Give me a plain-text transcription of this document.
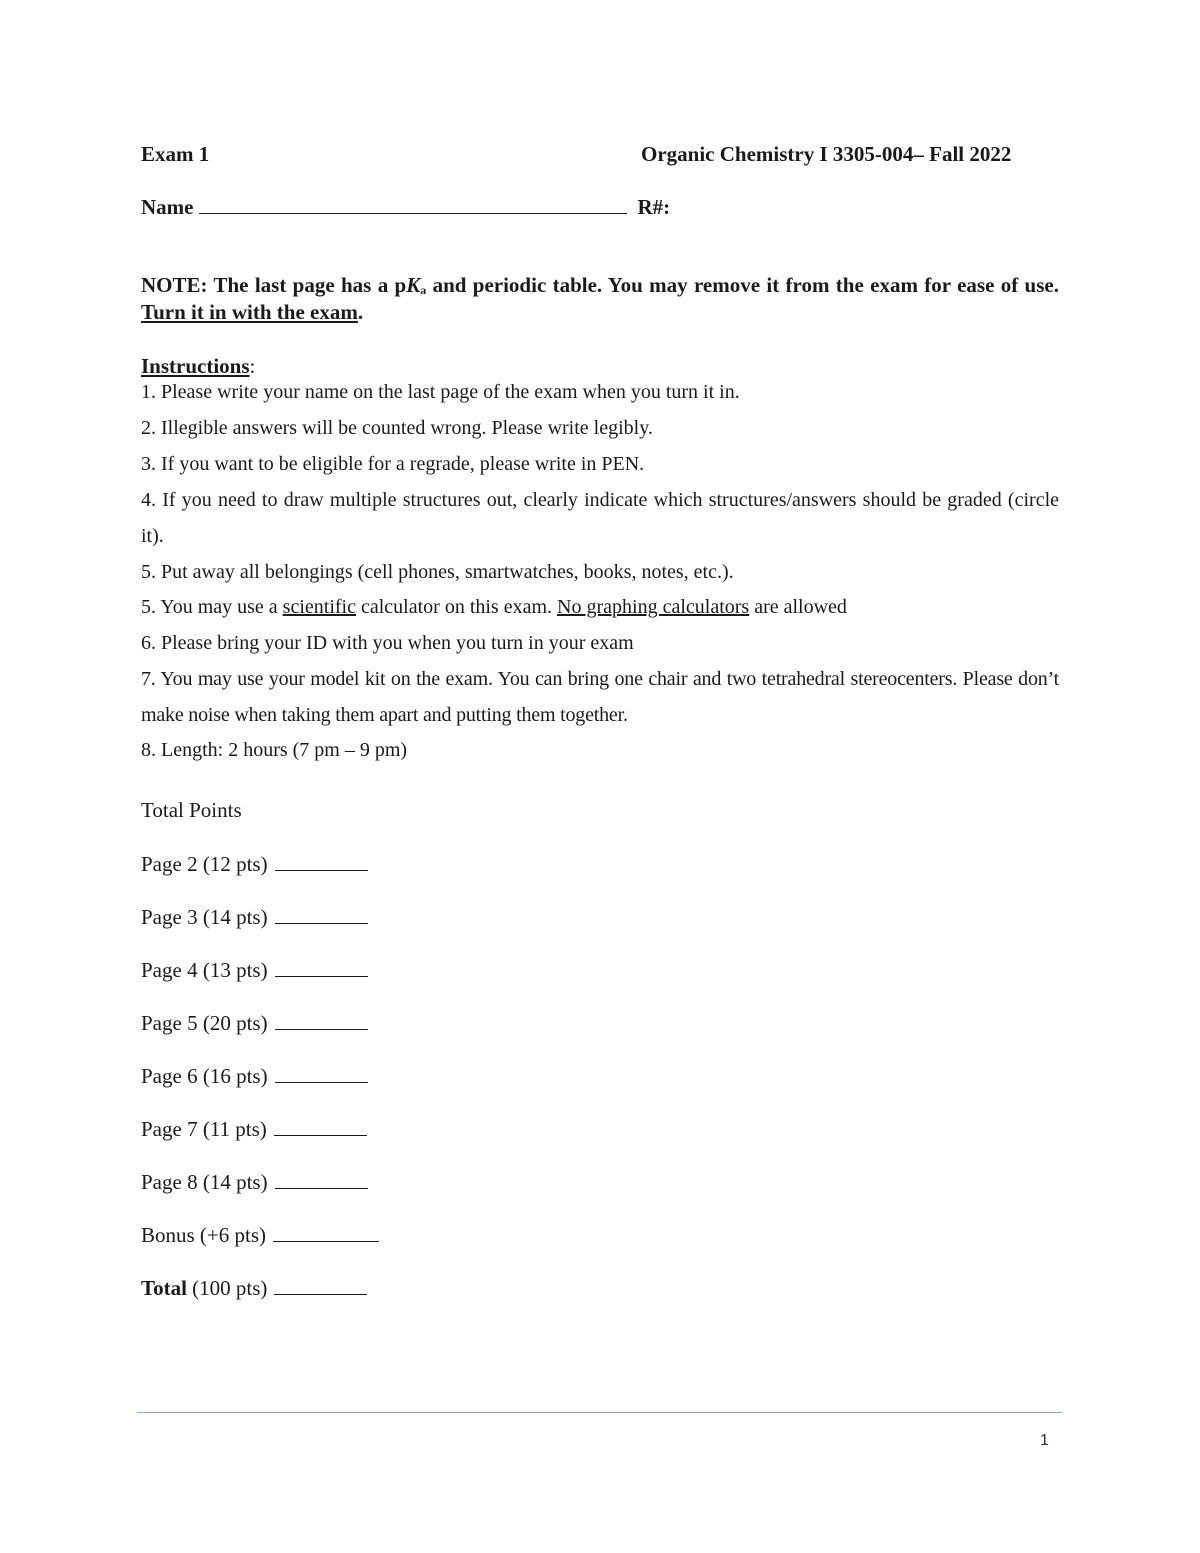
Exam 1	Organic Chemistry I 3305-004– Fall 2022
Name	R#:
NOTE: The last page has a $pK_a$ and periodic table. You may remove it from the exam for ease of use. Turn it in with the exam.
Instructions:
1. Please write your name on the last page of the exam when you turn it in.
2. Illegible answers will be counted wrong. Please write legibly.
3. If you want to be eligible for a regrade, please write in PEN.
4. If you need to draw multiple structures out, clearly indicate which structures/answers should be graded (circle it).
5. Put away all belongings (cell phones, smartwatches, books, notes, etc.).
5. You may use a scientific calculator on this exam. No graphing calculators are allowed
6. Please bring your ID with you when you turn in your exam
7. You may use your model kit on the exam. You can bring one chair and two tetrahedral stereocenters. Please don’t make noise when taking them apart and putting them together.
8. Length: 2 hours (7 pm – 9 pm)
Total Points
Page 2 (12 pts)
Page 3 (14 pts)
Page 4 (13 pts)
Page 5 (20 pts)
Page 6 (16 pts)
Page 7 (11 pts)
Page 8 (14 pts)
Bonus (+6 pts)
Total (100 pts)
1
